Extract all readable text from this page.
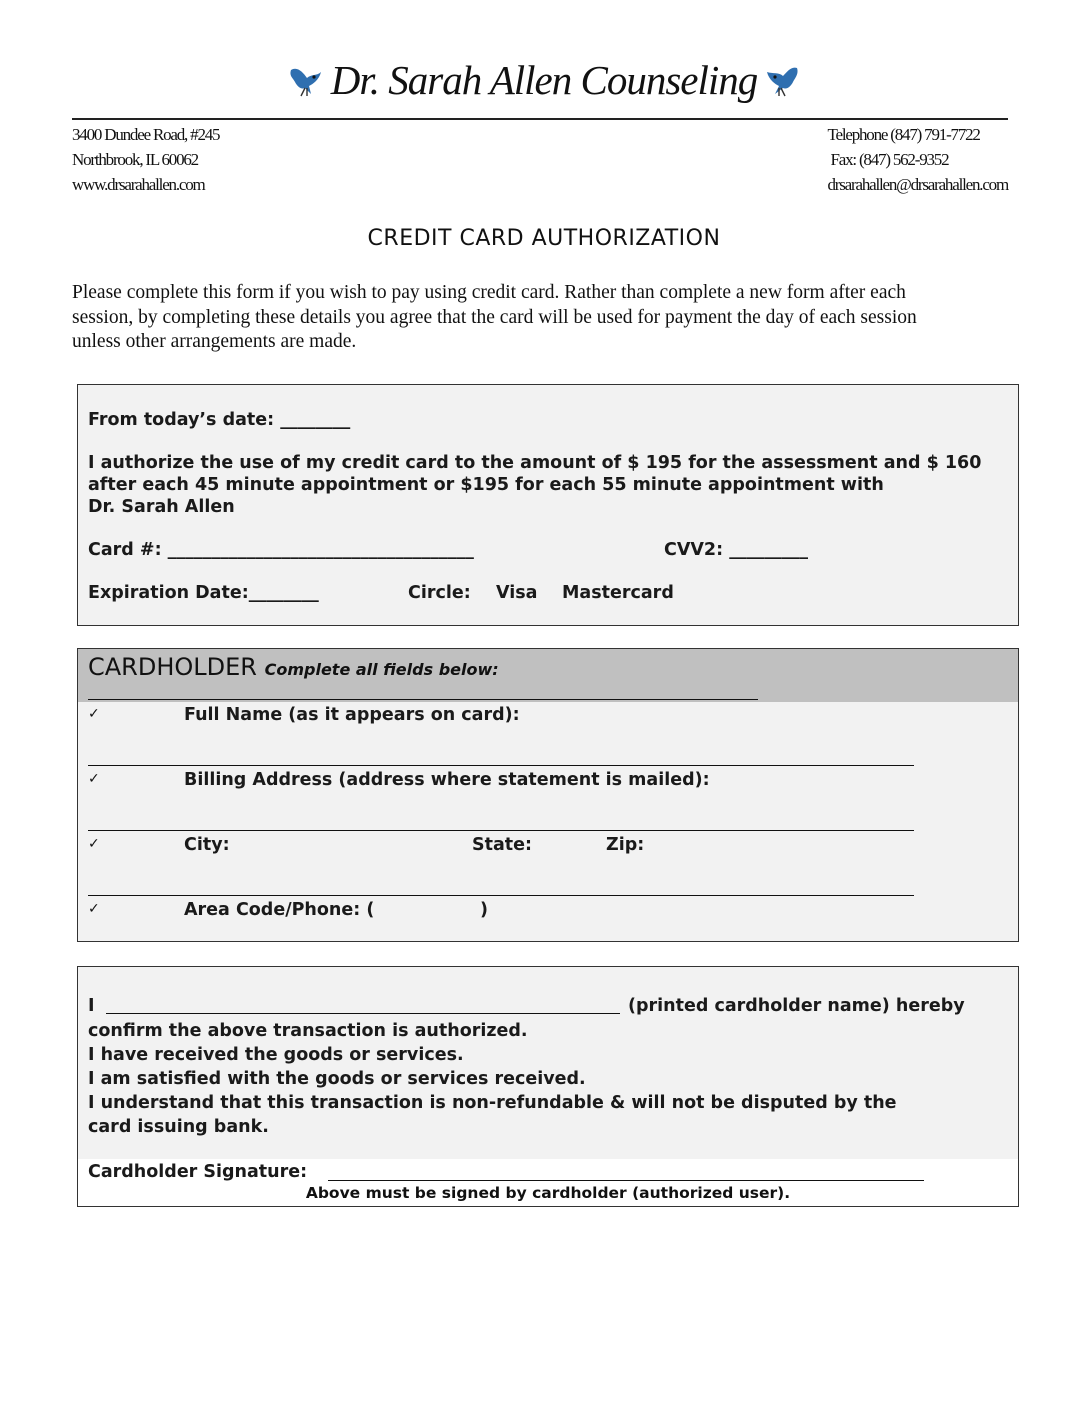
Dr. Sarah Allen Counseling
3400 Dundee Road, #245
Northbrook, IL 60062
www.drsarahallen.com
Telephone (847) 791-7722
Fax: (847) 562-9352
drsarahallen@drsarahallen.com
CREDIT CARD AUTHORIZATION
Please complete this form if you wish to pay using credit card. Rather than complete a new form after each
session, by completing these details you agree that the card will be used for payment the day of each session
unless other arrangements are made.
From today’s date: ________
I authorize the use of my credit card to the amount of $ 195 for the assessment and $ 160
after each 45 minute appointment or $195 for each 55 minute appointment with
Dr. Sarah Allen
Card #: ___________________________________	CVV2: _________
Expiration Date:________	Circle: Visa Mastercard
CARDHOLDER Complete all fields below:
✓	Full Name (as it appears on card):
✓	Billing Address (address where statement is mailed):
✓	City:	State:	Zip:
✓	Area Code/Phone: (	)
I	(printed cardholder name) hereby
confirm the above transaction is authorized.
I have received the goods or services.
I am satisfied with the goods or services received.
I understand that this transaction is non-refundable & will not be disputed by the
card issuing bank.
Cardholder Signature:
Above must be signed by cardholder (authorized user).
